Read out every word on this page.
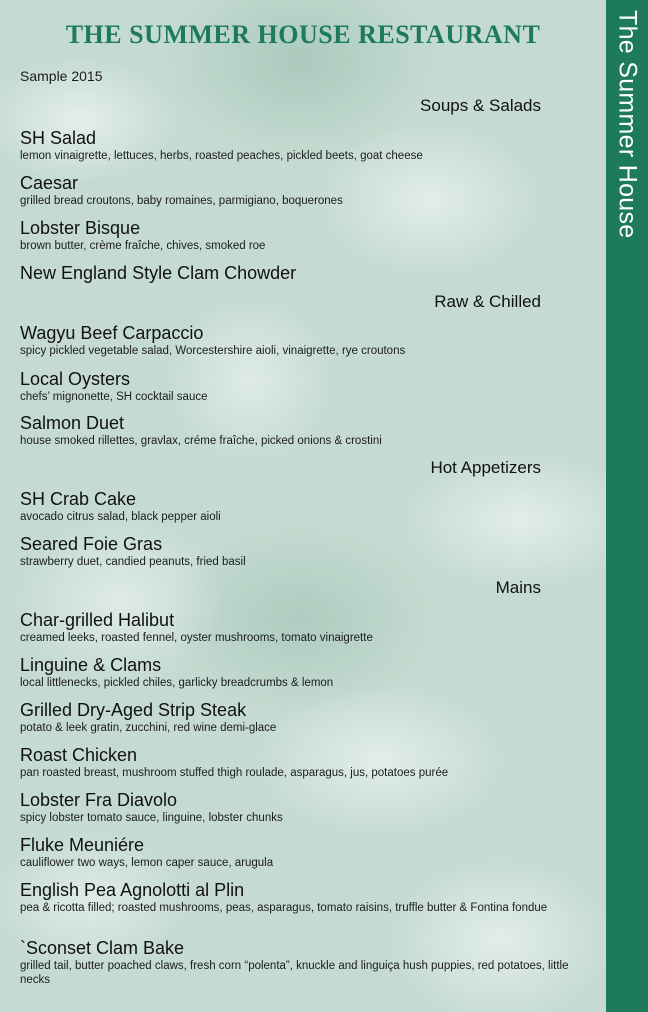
THE SUMMER HOUSE RESTAURANT
Sample 2015
Soups & Salads
SH Salad
lemon vinaigrette, lettuces, herbs, roasted peaches, pickled beets, goat cheese
Caesar
grilled bread croutons, baby romaines, parmigiano, boquerones
Lobster Bisque
brown butter, crème fraîche, chives, smoked roe
New England Style Clam Chowder
Raw & Chilled
Wagyu Beef Carpaccio
spicy pickled vegetable salad, Worcestershire aioli, vinaigrette, rye croutons
Local Oysters
chefs’ mignonette, SH cocktail sauce
Salmon Duet
house smoked rillettes, gravlax, créme fraîche, picked onions & crostini
Hot Appetizers
SH Crab Cake
avocado citrus salad, black pepper aioli
Seared Foie Gras
strawberry duet, candied peanuts, fried basil
Mains
Char-grilled Halibut
creamed leeks, roasted fennel, oyster mushrooms, tomato vinaigrette
Linguine & Clams
local littlenecks, pickled chiles, garlicky breadcrumbs & lemon
Grilled Dry-Aged Strip Steak
potato & leek gratin, zucchini, red wine demi-glace
Roast Chicken
pan roasted breast, mushroom stuffed thigh roulade, asparagus, jus, potatoes purée
Lobster Fra Diavolo
spicy lobster tomato sauce, linguine, lobster chunks
Fluke Meuniére
cauliflower two ways, lemon caper sauce, arugula
English Pea Agnolotti al Plin
pea & ricotta filled; roasted mushrooms, peas, asparagus, tomato raisins, truffle butter & Fontina fondue
`Sconset Clam Bake
grilled tail, butter poached claws, fresh corn “polenta”, knuckle and linguiça hush puppies, red potatoes, little necks
The Summer House
